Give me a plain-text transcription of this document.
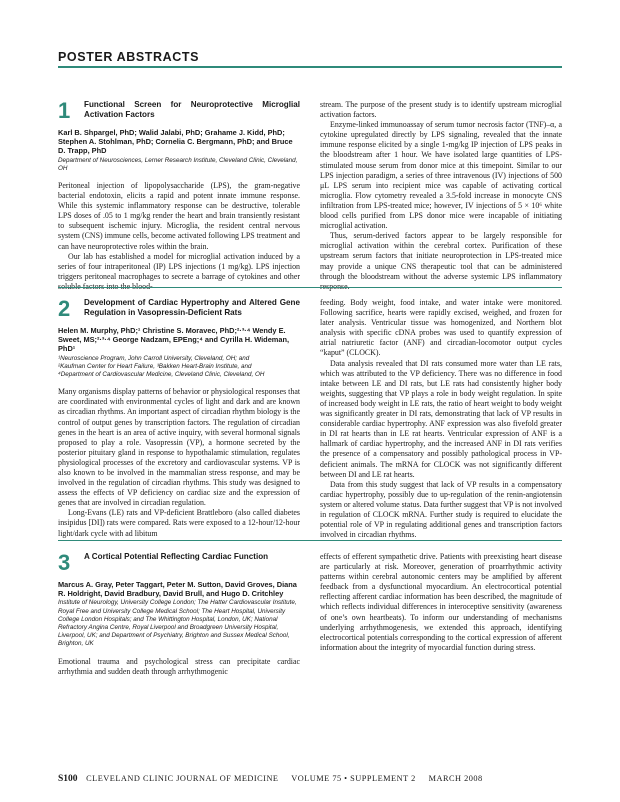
POSTER ABSTRACTS
1 Functional Screen for Neuroprotective Microglial Activation Factors
Karl B. Shpargel, PhD; Walid Jalabi, PhD; Grahame J. Kidd, PhD; Stephen A. Stohlman, PhD; Cornelia C. Bergmann, PhD; and Bruce D. Trapp, PhD
Department of Neurosciences, Lerner Research Institute, Cleveland Clinic, Cleveland, OH

Peritoneal injection of lipopolysaccharide (LPS), the gram-negative bacterial endotoxin, elicits a rapid and potent innate immune response. While this systemic inflammatory response can be destructive, tolerable LPS doses of .05 to 1 mg/kg render the heart and brain transiently resistant to subsequent ischemic injury. Microglia, the resident central nervous system (CNS) immune cells, become activated following LPS treatment and can have neuroprotective roles within the brain.

Our lab has established a model for microglial activation induced by a series of four intraperitoneal (IP) LPS injections (1 mg/kg). LPS injection triggers peritoneal macrophages to secrete a barrage of cytokines and other

stream. The purpose of the present study is to identify upstream microglial activation factors.

Enzyme-linked immunoassay of serum tumor necrosis factor (TNF)–α, a cytokine upregulated directly by LPS signaling, revealed that the innate immune response elicited by a single 1-mg/kg IP injection of LPS peaks in the bloodstream after 1 hour. We have isolated large quantities of LPS-stimulated mouse serum from donor mice at this timepoint. Similar to our LPS injection paradigm, a series of three intravenous (IV) injections of 500 μL LPS serum into recipient mice was capable of activating cortical microglia. Flow cytometry revealed a 3.5-fold increase in monocyte CNS infiltration from LPS-treated mice; however, IV injections of 5 × 10⁶ white blood cells purified from LPS donor mice were incapable of initiating microglial activation.

Thus, serum-derived factors appear to be largely responsible for microglial activation within the cerebral cortex. Purification of these upstream serum factors that initiate neuroprotection in LPS-treated mice may provide a unique CNS therapeutic tool that can be administered through the bloodstream without the adverse systemic LPS inflammatory

2 Development of Cardiac Hypertrophy and Altered Gene Regulation in Vasopressin-Deficient Rats
Helen M. Murphy, PhD;¹ Christine S. Moravec, PhD;²·³·⁴ Wendy E. Sweet, MS;²·³·⁴ George Nadzam, EPEng;⁴ and Cyrilla H. Wideman, PhD¹
¹Neuroscience Program, John Carroll University, Cleveland, OH; and
²Kaufman Center for Heart Failure, ³Bakken Heart-Brain Institute, and
⁴Department of Cardiovascular Medicine, Cleveland Clinic, Cleveland, OH

Many organisms display patterns of behavior or physiological responses that are coordinated with environmental cycles of light and dark and are known as circadian rhythms. An important aspect of circadian rhythm biology is the control of output genes by transcription factors. The regulation of circadian genes in the heart is an area of active inquiry, with several hormonal signals proposed to play a role. Vasopressin (VP), a hormone secreted by the posterior pituitary gland in response to hypothalamic stimulation, regulates physiological processes of the excretory and cardiovascular systems. VP is also known to be involved in the mammalian stress response, and may be involved in the regulation of circadian rhythms. This study was designed to assess the effects of VP deficiency on cardiac size and the expression of genes that are involved in circadian regulation.

Long-Evans (LE) rats and VP-deficient Brattleboro (also called diabetes insipidus [DI]) rats were compared. Rats were exposed to a 12-hour/12-hour light/dark cycle with ad libitum

feeding. Body weight, food intake, and water intake were monitored. Following sacrifice, hearts were rapidly excised, weighed, and frozen for later analysis. Ventricular tissue was homogenized, and Northern blot analysis with specific cDNA probes was used to quantify expression of atrial natriuretic factor (ANF) and circadian-locomotor output cycles “kaput” (CLOCK).

Data analysis revealed that DI rats consumed more water than LE rats, which was attributed to the VP deficiency. There was no difference in food intake between LE and DI rats, but LE rats had consistently higher body weights, suggesting that VP plays a role in body weight regulation. In spite of increased body weight in LE rats, the ratio of heart weight to body weight was significantly greater in DI rats, demonstrating that lack of VP results in considerable cardiac hypertrophy. ANF expression was also fivefold greater in DI rat hearts than in LE rat hearts. Ventricular expression of ANF is a hallmark of cardiac hypertrophy, and the increased ANF in DI rats verifies the presence of a compensatory and possibly pathological process in VP-deficient animals. The mRNA for CLOCK was not significantly different between DI and LE rat hearts.

Data from this study suggest that lack of VP results in a compensatory cardiac hypertrophy, possibly due to up-regulation of the renin-angiotensin system or altered volume status. Data further suggest that VP is not involved in regulation of CLOCK mRNA. Further study is required to elucidate the potential role of VP in regulating additional genes and transcription factors involved in circadian rhythms.

3 A Cortical Potential Reflecting Cardiac Function
Marcus A. Gray, Peter Taggart, Peter M. Sutton, David Groves, Diana R. Holdright, David Bradbury, David Brull, and Hugo D. Critchley
Institute of Neurology, University College London; The Hatter Cardiovascular Institute, Royal Free and University College Medical School; The Heart Hospital, University College London Hospitals; and The Whittington Hospital, London, UK; National Refractory Angina Centre, Royal Liverpool and Broadgreen University Hospital, Liverpool, UK; and Department of Psychiatry, Brighton and Sussex Medical School, Brighton, UK

Emotional trauma and psychological stress can precipitate cardiac arrhythmia and sudden death through arrhythmogenic

effects of efferent sympathetic drive. Patients with preexisting heart disease are particularly at risk. Moreover, generation of proarrhythmic activity patterns within cerebral autonomic centers may be amplified by afferent feedback from a dysfunctional myocardium. An electrocortical potential reflecting afferent cardiac information has been described, the magnitude of which reflects individual differences in interoceptive sensitivity (awareness of one’s own heartbeats). To inform our understanding of mechanisms underlying arrhythmogenesis, we extended this approach, identifying electrocortical potentials corresponding to the cortical expression of afferent information about the integrity of myocardial function during stress.

S100 CLEVELAND CLINIC JOURNAL OF MEDICINE VOLUME 75 • SUPPLEMENT 2 MARCH 2008
